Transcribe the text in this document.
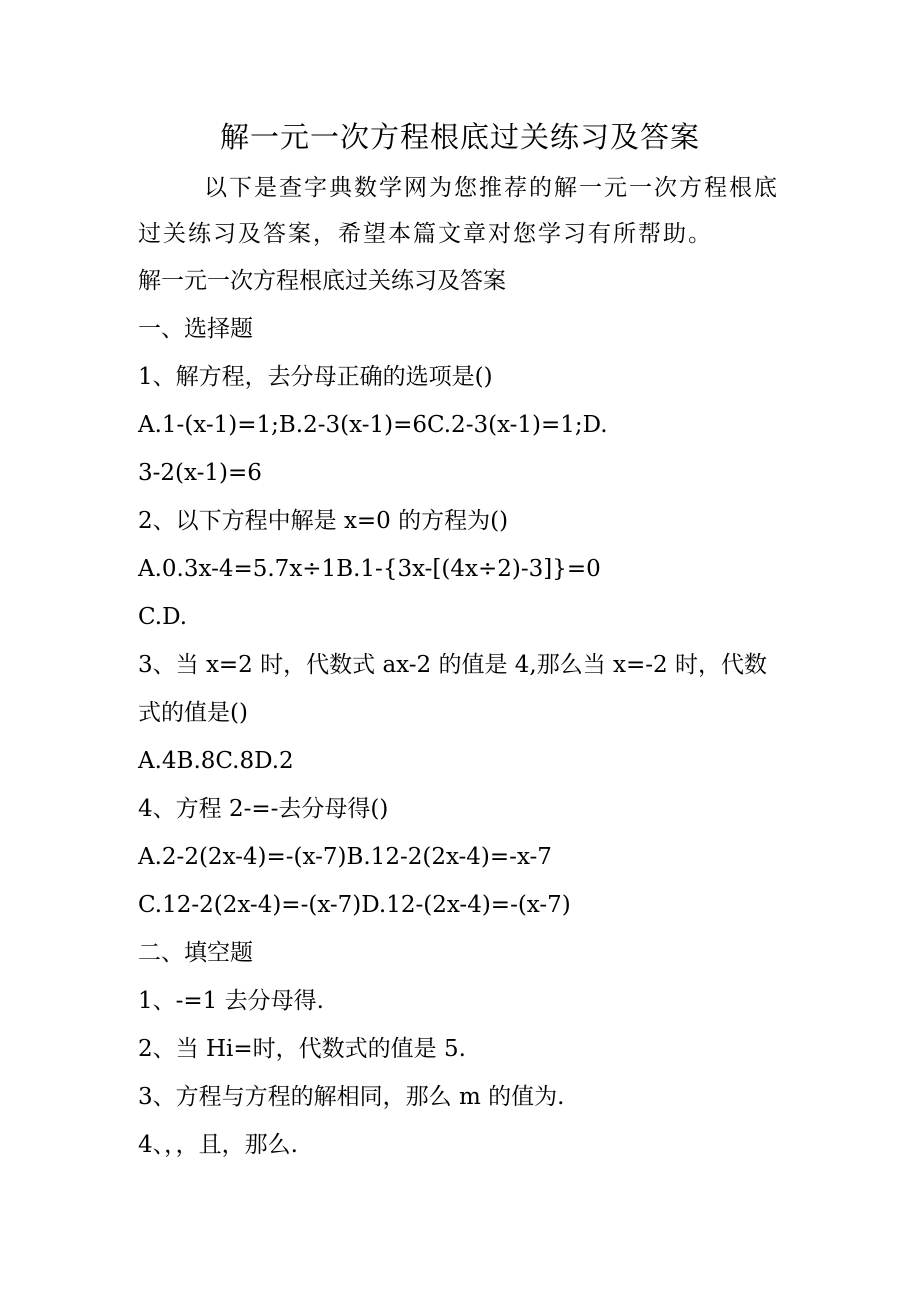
解一元一次方程根底过关练习及答案
以下是查字典数学网为您推荐的解一元一次方程根底
过关练习及答案，希望本篇文章对您学习有所帮助。
解一元一次方程根底过关练习及答案
一、选择题
1、解方程，去分母正确的选项是()
A.1-(x-1)=1;B.2-3(x-1)=6C.2-3(x-1)=1;D.
3-2(x-1)=6
2、以下方程中解是 x=0 的方程为()
A.0.3x-4=5.7x÷1B.1-{3x-[(4x÷2)-3]}=0
C.D.
3、当 x=2 时，代数式 ax-2 的值是 4,那么当 x=-2 时，代数
式的值是()
A.4B.8C.8D.2
4、方程 2-=-去分母得()
A.2-2(2x-4)=-(x-7)B.12-2(2x-4)=-x-7
C.12-2(2x-4)=-(x-7)D.12-(2x-4)=-(x-7)
二、填空题
1、-=1 去分母得.
2、当 Hi=时，代数式的值是 5.
3、方程与方程的解相同，那么 m 的值为.
4、，，且，那么.
